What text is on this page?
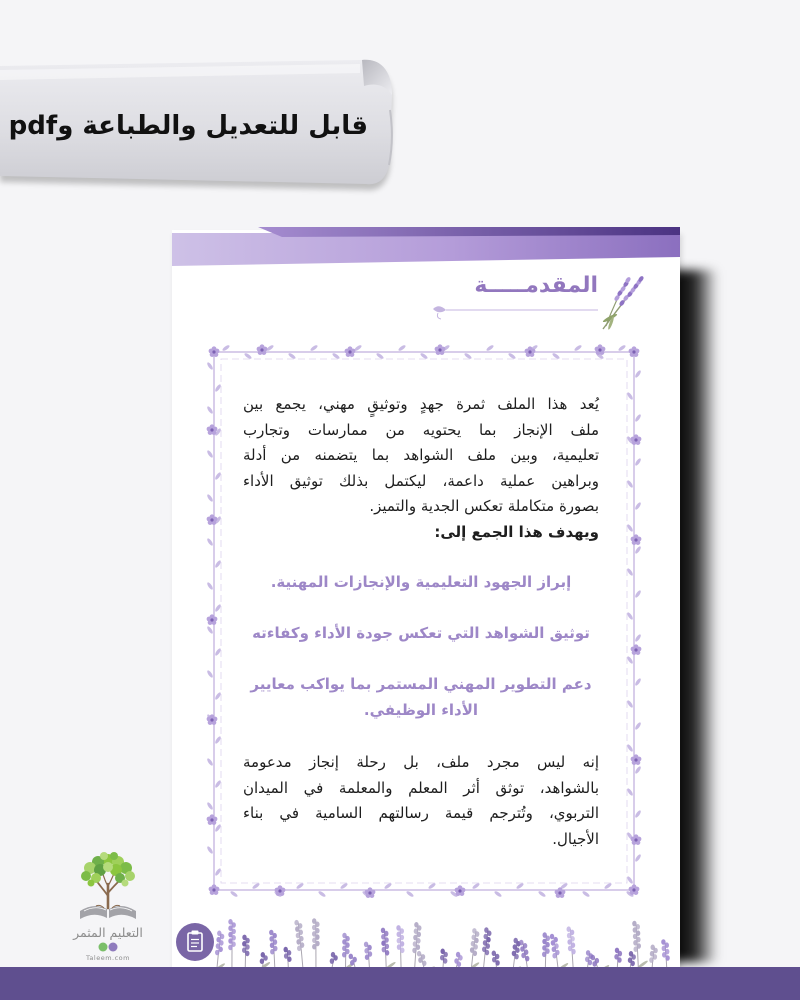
قابل للتعديل والطباعة وpdf
المقدمـــــة
يُعد هذا الملف ثمرة جهدٍ وتوثيقٍ مهني، يجمع بين
ملف الإنجاز بما يحتويه من ممارسات وتجارب
تعليمية، وبين ملف الشواهد بما يتضمنه من أدلة
وبراهين عملية داعمة، ليكتمل بذلك توثيق الأداء
بصورة متكاملة تعكس الجدية والتميز.
ويهدف هذا الجمع إلى:
إبراز الجهود التعليمية والإنجازات المهنية.
توثيق الشواهد التي تعكس جودة الأداء وكفاءته
دعم التطوير المهني المستمر بما يواكب معايير
الأداء الوظيفي.
إنه ليس مجرد ملف، بل رحلة إنجاز مدعومة
بالشواهد، توثق أثر المعلم والمعلمة في الميدان
التربوي، وتُترجم قيمة رسالتهم السامية في بناء
الأجيال.
التعليم المثمر
Taleem.com
